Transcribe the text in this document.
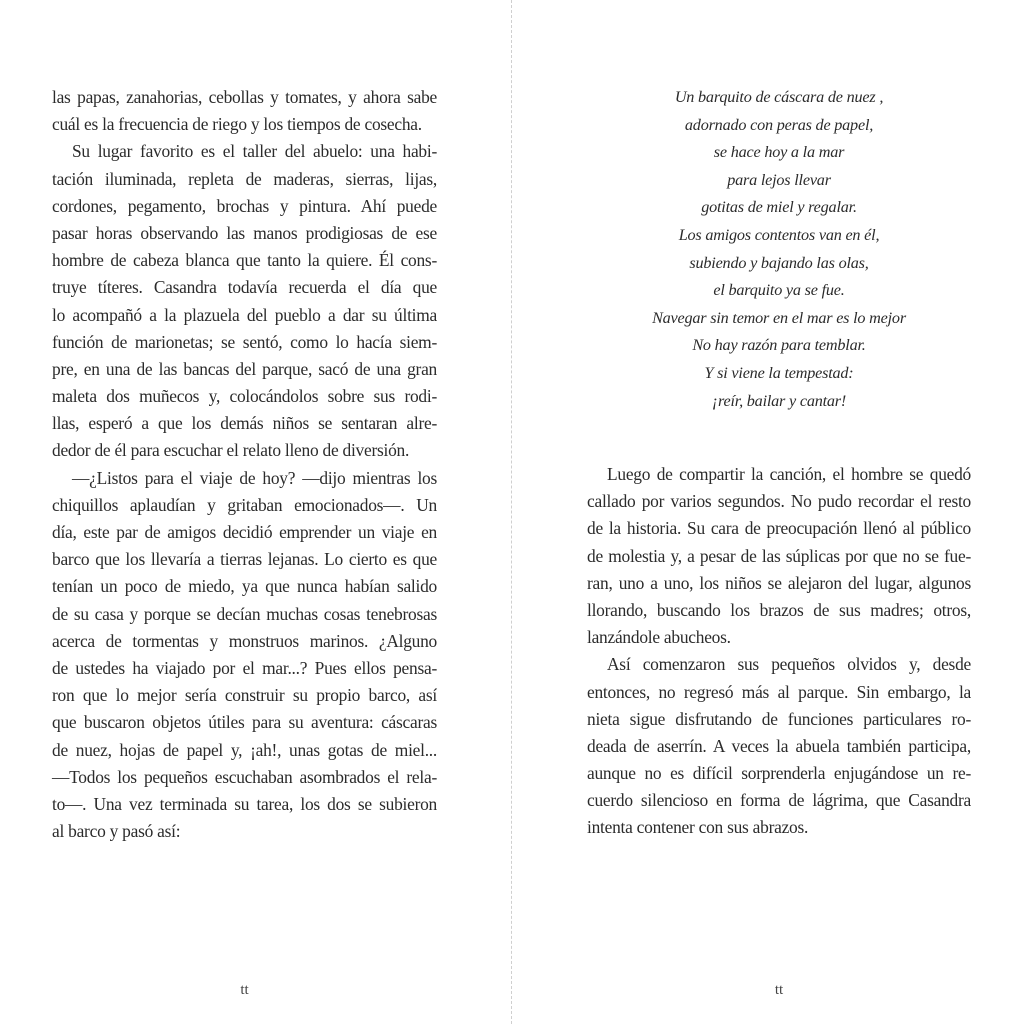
las papas, zanahorias, cebollas y tomates, y ahora sabe
cuál es la frecuencia de riego y los tiempos de cosecha.
Su lugar favorito es el taller del abuelo: una habi-
tación iluminada, repleta de maderas, sierras, lijas,
cordones, pegamento, brochas y pintura. Ahí puede
pasar horas observando las manos prodigiosas de ese
hombre de cabeza blanca que tanto la quiere. Él cons-
truye títeres. Casandra todavía recuerda el día que
lo acompañó a la plazuela del pueblo a dar su última
función de marionetas; se sentó, como lo hacía siem-
pre, en una de las bancas del parque, sacó de una gran
maleta dos muñecos y, colocándolos sobre sus rodi-
llas, esperó a que los demás niños se sentaran alre-
dedor de él para escuchar el relato lleno de diversión.
—¿Listos para el viaje de hoy? —dijo mientras los
chiquillos aplaudían y gritaban emocionados—. Un
día, este par de amigos decidió emprender un viaje en
barco que los llevaría a tierras lejanas. Lo cierto es que
tenían un poco de miedo, ya que nunca habían salido
de su casa y porque se decían muchas cosas tenebrosas
acerca de tormentas y monstruos marinos. ¿Alguno
de ustedes ha viajado por el mar...? Pues ellos pensa-
ron que lo mejor sería construir su propio barco, así
que buscaron objetos útiles para su aventura: cáscaras
de nuez, hojas de papel y, ¡ah!, unas gotas de miel...
—Todos los pequeños escuchaban asombrados el rela-
to—. Una vez terminada su tarea, los dos se subieron
al barco y pasó así:
tt
Un barquito de cáscara de nuez ,
adornado con peras de papel,
se hace hoy a la mar
para lejos llevar
gotitas de miel y regalar.
Los amigos contentos van en él,
subiendo y bajando las olas,
el barquito ya se fue.
Navegar sin temor en el mar es lo mejor
No hay razón para temblar.
Y si viene la tempestad:
¡reír, bailar y cantar!
Luego de compartir la canción, el hombre se quedó
callado por varios segundos. No pudo recordar el resto
de la historia. Su cara de preocupación llenó al público
de molestia y, a pesar de las súplicas por que no se fue-
ran, uno a uno, los niños se alejaron del lugar, algunos
llorando, buscando los brazos de sus madres; otros,
lanzándole abucheos.
Así comenzaron sus pequeños olvidos y, desde
entonces, no regresó más al parque. Sin embargo, la
nieta sigue disfrutando de funciones particulares ro-
deada de aserrín. A veces la abuela también participa,
aunque no es difícil sorprenderla enjugándose un re-
cuerdo silencioso en forma de lágrima, que Casandra
intenta contener con sus abrazos.
tt
